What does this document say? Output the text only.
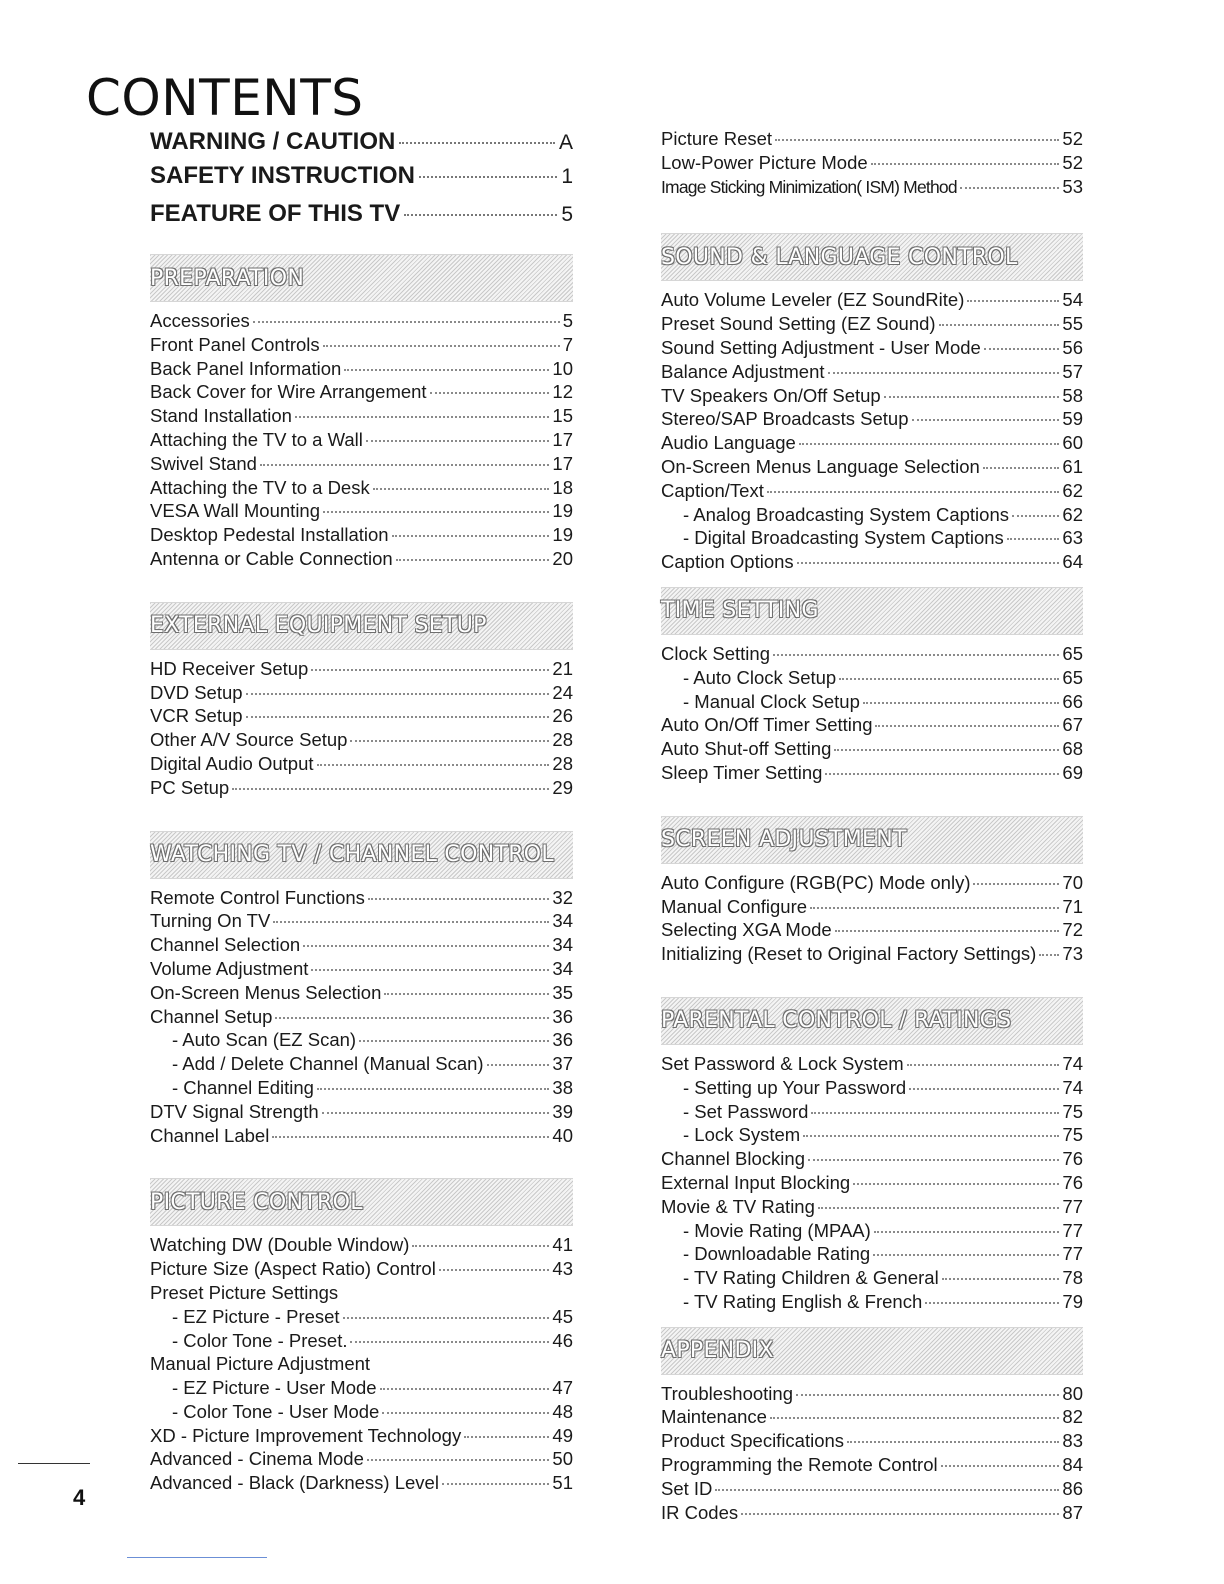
CONTENTS
WARNING / CAUTION	A
SAFETY INSTRUCTION	1
FEATURE OF THIS TV	5
PREPARATION
Accessories	5
Front Panel Controls	7
Back Panel Information	10
Back Cover for Wire Arrangement	12
Stand Installation	15
Attaching the TV to a Wall	17
Swivel Stand	17
Attaching the TV to a Desk	18
VESA Wall Mounting	19
Desktop Pedestal Installation	19
Antenna or Cable Connection	20
EXTERNAL EQUIPMENT SETUP
HD Receiver Setup	21
DVD Setup	24
VCR Setup	26
Other A/V Source Setup	28
Digital Audio Output	28
PC Setup	29
WATCHING TV / CHANNEL CONTROL
Remote Control Functions	32
Turning On TV	34
Channel Selection	34
Volume Adjustment	34
On-Screen Menus Selection	35
Channel Setup	36
- Auto Scan (EZ Scan)	36
- Add / Delete Channel (Manual Scan)	37
- Channel Editing	38
DTV Signal Strength	39
Channel Label	40
PICTURE CONTROL
Watching DW (Double Window)	41
Picture Size (Aspect Ratio) Control	43
Preset Picture Settings
- EZ Picture - Preset	45
- Color Tone - Preset.	46
Manual Picture Adjustment
- EZ Picture - User Mode	47
- Color Tone - User Mode	48
XD - Picture Improvement Technology	49
Advanced - Cinema Mode	50
Advanced - Black (Darkness) Level	51
Picture Reset	52
Low-Power Picture Mode	52
Image Sticking Minimization( ISM) Method	53
SOUND & LANGUAGE CONTROL
Auto Volume Leveler (EZ SoundRite)	54
Preset Sound Setting (EZ Sound)	55
Sound Setting Adjustment - User Mode	56
Balance Adjustment	57
TV Speakers On/Off Setup	58
Stereo/SAP Broadcasts Setup	59
Audio Language	60
On-Screen Menus Language Selection	61
Caption/Text	62
- Analog Broadcasting System Captions	62
- Digital Broadcasting System Captions	63
Caption Options	64
TIME SETTING
Clock Setting	65
- Auto Clock Setup	65
- Manual Clock Setup	66
Auto On/Off Timer Setting	67
Auto Shut-off Setting	68
Sleep Timer Setting	69
SCREEN ADJUSTMENT
Auto Configure (RGB(PC) Mode only)	70
Manual Configure	71
Selecting XGA Mode	72
Initializing (Reset to Original Factory Settings) 73
PARENTAL CONTROL / RATINGS
Set Password & Lock System	74
- Setting up Your Password	74
- Set Password	75
- Lock System	75
Channel Blocking	76
External Input Blocking	76
Movie & TV Rating	77
- Movie Rating (MPAA)	77
- Downloadable Rating	77
- TV Rating Children & General	78
- TV Rating English & French	79
APPENDIX
Troubleshooting	80
Maintenance	82
Product Specifications	83
Programming the Remote Control	84
Set ID	86
IR Codes	87
4
